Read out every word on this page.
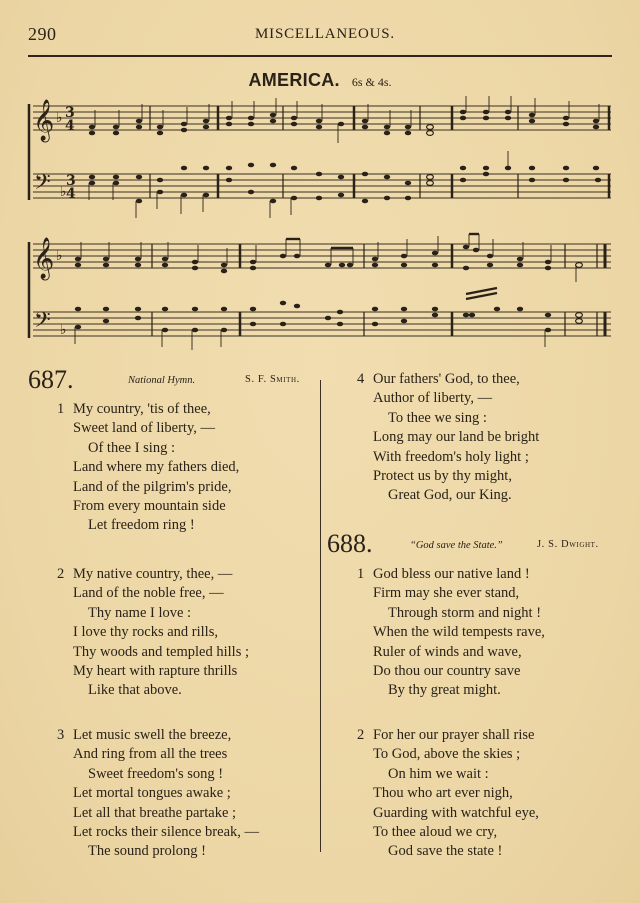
290	MISCELLANEOUS.
AMERICA. 6s & 4s.
𝄞
𝄢
♭
♭
3
4
3
4
𝄞
𝄢
♭
♭
687.	National Hymn.	S. F. Smith.
1 My country, 'tis of thee,
Sweet land of liberty, —
Of thee I sing :
Land where my fathers died,
Land of the pilgrim's pride,
From every mountain side
Let freedom ring !
2 My native country, thee, —
Land of the noble free, —
Thy name I love :
I love thy rocks and rills,
Thy woods and templed hills ;
My heart with rapture thrills
Like that above.
3 Let music swell the breeze,
And ring from all the trees
Sweet freedom's song !
Let mortal tongues awake ;
Let all that breathe partake ;
Let rocks their silence break, —
The sound prolong !
4 Our fathers' God, to thee,
Author of liberty, —
To thee we sing :
Long may our land be bright
With freedom's holy light ;
Protect us by thy might,
Great God, our King.
688.	“God save the State.”	J. S. Dwight.
1 God bless our native land !
Firm may she ever stand,
Through storm and night !
When the wild tempests rave,
Ruler of winds and wave,
Do thou our country save
By thy great might.
2 For her our prayer shall rise
To God, above the skies ;
On him we wait :
Thou who art ever nigh,
Guarding with watchful eye,
To thee aloud we cry,
God save the state !
